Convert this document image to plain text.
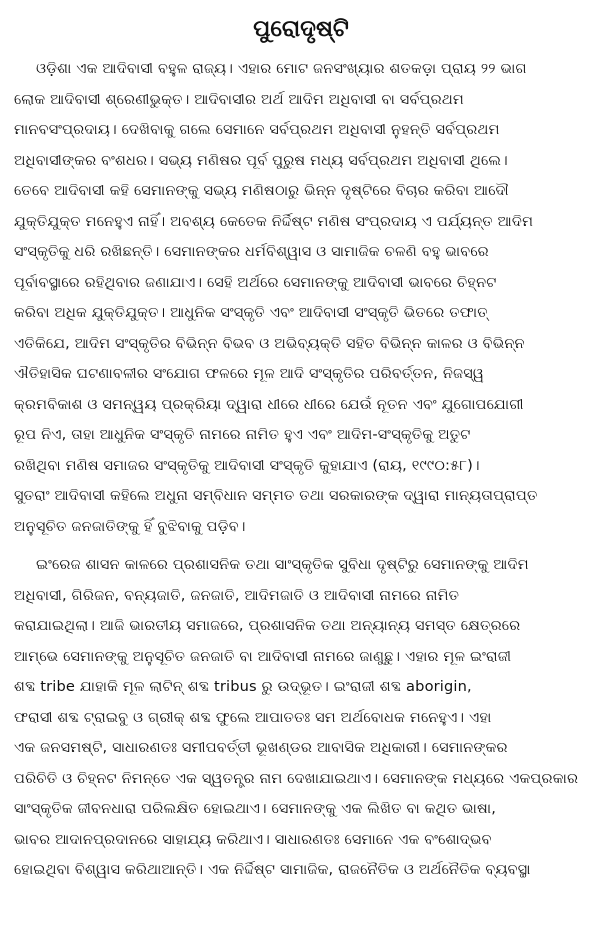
ପୁରୋଦୃଷ୍ଟି

ଓଡ଼ିଶା ଏକ ଆଦିବାସୀ ବହୁଳ ରାଜ୍ୟ। ଏହାର ମୋଟ ଜନସଂଖ୍ୟାର ଶତକଡ଼ା ପ୍ରାୟ ୨୨ ଭାଗ
ଲୋକ ଆଦିବାସୀ ଶ୍ରେଣୀଭୁକ୍ତ। ଆଦିବାସୀର ଅର୍ଥ ଆଦିମ ଅଧିବାସୀ ବା ସର୍ବପ୍ରଥମ
ମାନବସଂପ୍ରଦାୟ। ଦେଖିବାକୁ ଗଲେ ସେମାନେ ସର୍ବପ୍ରଥମ ଅଧିବାସୀ ନୁହନ୍ତି ସର୍ବପ୍ରଥମ
ଅଧିବାସୀଙ୍କର ବଂଶଧର। ସଭ୍ୟ ମଣିଷର ପୂର୍ବ ପୁରୁଷ ମଧ୍ୟ ସର୍ବପ୍ରଥମ ଅଧିବାସୀ ଥିଲେ।
ତେବେ ଆଦିବାସୀ କହି ସେମାନଙ୍କୁ ସଭ୍ୟ ମଣିଷଠାରୁ ଭିନ୍ନ ଦୃଷ୍ଟିରେ ବିଚାର କରିବା ଆଦୌ
ଯୁକ୍ତିଯୁକ୍ତ ମନେହୁଏ ନାହିଁ। ଅବଶ୍ୟ କେତେକ ନିର୍ଦ୍ଦିଷ୍ଟ ମଣିଷ ସଂପ୍ରଦାୟ ଏ ପର୍ଯ୍ୟନ୍ତ ଆଦିମ
ସଂସ୍କୃତିକୁ ଧରି ରଖିଛନ୍ତି। ସେମାନଙ୍କର ଧର୍ମବିଶ୍ୱାସ ଓ ସାମାଜିକ ଚଳଣି ବହୁ ଭାବରେ
ପୂର୍ବାବସ୍ଥାରେ ରହିଥିବାର ଜଣାଯାଏ। ସେହି ଅର୍ଥରେ ସେମାନଙ୍କୁ ଆଦିବାସୀ ଭାବରେ ଚିହ୍ନଟ
କରିବା ଅଧିକ ଯୁକ୍ତିଯୁକ୍ତ। ଆଧୁନିକ ସଂସ୍କୃତି ଏବଂ ଆଦିବାସୀ ସଂସ୍କୃତି ଭିତରେ ତଫାତ୍
ଏତିକିଯେ, ଆଦିମ ସଂସ୍କୃତିର ବିଭିନ୍ନ ବିଭବ ଓ ଅଭିବ୍ୟକ୍ତି ସହିତ ବିଭିନ୍ନ କାଳର ଓ ବିଭିନ୍ନ
ଐତିହାସିକ ଘଟଣାବଳୀର ସଂଯୋଗ ଫଳରେ ମୂଳ ଆଦି ସଂସ୍କୃତିର ପରିବର୍ତ୍ତନ, ନିଜସ୍ୱ
କ୍ରମବିକାଶ ଓ ସମନ୍ୱୟ ପ୍ରକ୍ରିୟା ଦ୍ୱାରା ଧୀରେ ଧୀରେ ଯେଉଁ ନୂତନ ଏବଂ ଯୁଗୋପଯୋଗୀ
ରୂପ ନିଏ, ତାହା ଆଧୁନିକ ସଂସ୍କୃତି ନାମରେ ନାମିତ ହୁଏ ଏବଂ ଆଦିମ-ସଂସ୍କୃତିକୁ ଅତୁଟ
ରଖିଥିବା ମଣିଷ ସମାଜର ସଂସ୍କୃତିକୁ ଆଦିବାସୀ ସଂସ୍କୃତି କୁହାଯାଏ (ରାୟ, ୧୯୯୦:୫୮)।
ସୁତରାଂ ଆଦିବାସୀ କହିଲେ ଅଧୁନା ସମ୍ବିଧାନ ସମ୍ମତ ତଥା ସରକାରଙ୍କ ଦ୍ୱାରା ମାନ୍ୟତାପ୍ରାପ୍ତ
ଅନୁସୂଚିତ ଜନଜାତିଙ୍କୁ ହିଁ ବୁଝିବାକୁ ପଡ଼ିବ।

ଇଂରେଜ ଶାସନ କାଳରେ ପ୍ରଶାସନିକ ତଥା ସାଂସ୍କୃତିକ ସୁବିଧା ଦୃଷ୍ଟିରୁ ସେମାନଙ୍କୁ ଆଦିମ
ଅଧିବାସୀ, ଗିରିଜନ, ବନ୍ୟଜାତି, ଜନଜାତି, ଆଦିମଜାତି ଓ ଆଦିବାସୀ ନାମରେ ନାମିତ
କରାଯାଇଥିଲା। ଆଜି ଭାରତୀୟ ସମାଜରେ, ପ୍ରଶାସନିକ ତଥା ଅନ୍ୟାନ୍ୟ ସମସ୍ତ କ୍ଷେତ୍ରରେ
ଆମ୍ଭେ ସେମାନଙ୍କୁ ଅନୁସୂଚିତ ଜନଜାତି ବା ଆଦିବାସୀ ନାମରେ ଜାଣୁଛୁ। ଏହାର ମୂଳ ଇଂରାଜୀ
ଶବ୍ଦ tribe ଯାହାକି ମୂଳ ଲାଟିନ୍ ଶବ୍ଦ tribus ରୁ ଉଦ୍ଭୂତ। ଇଂରାଜୀ ଶବ୍ଦ aborigin,
ଫରାସୀ ଶବ୍ଦ ଟ୍ରାଇବୁ ଓ ଗ୍ରୀକ୍ ଶବ୍ଦ ଫୁଲେ ଆପାତତଃ ସମ ଅର୍ଥବୋଧକ ମନେହୁଏ। ଏହା
ଏକ ଜନସମଷ୍ଟି, ସାଧାରଣତଃ ସମୀପବର୍ତ୍ତୀ ଭୂଖଣ୍ଡର ଆବାସିକ ଅଧିକାରୀ। ସେମାନଙ୍କର
ପରିଚିତି ଓ ଚିହ୍ନଟ ନିମନ୍ତେ ଏକ ସ୍ୱତନ୍ତ୍ର ନାମ ଦେଖାଯାଇଥାଏ। ସେମାନଙ୍କ ମଧ୍ୟରେ ଏକପ୍ରକାର
ସାଂସ୍କୃତିକ ଜୀବନଧାରା ପରିଲକ୍ଷିତ ହୋଇଥାଏ। ସେମାନଙ୍କୁ ଏକ ଲିଖିତ ବା କଥିତ ଭାଷା,
ଭାବର ଆଦାନପ୍ରଦାନରେ ସାହାଯ୍ୟ କରିଥାଏ। ସାଧାରଣତଃ ସେମାନେ ଏକ ବଂଶୋଦ୍ଭବ
ହୋଇଥିବା ବିଶ୍ୱାସ କରିଥାଆନ୍ତି। ଏକ ନିର୍ଦ୍ଦିଷ୍ଟ ସାମାଜିକ, ରାଜନୈତିକ ଓ ଅର୍ଥନୈତିକ ବ୍ୟବସ୍ଥା
